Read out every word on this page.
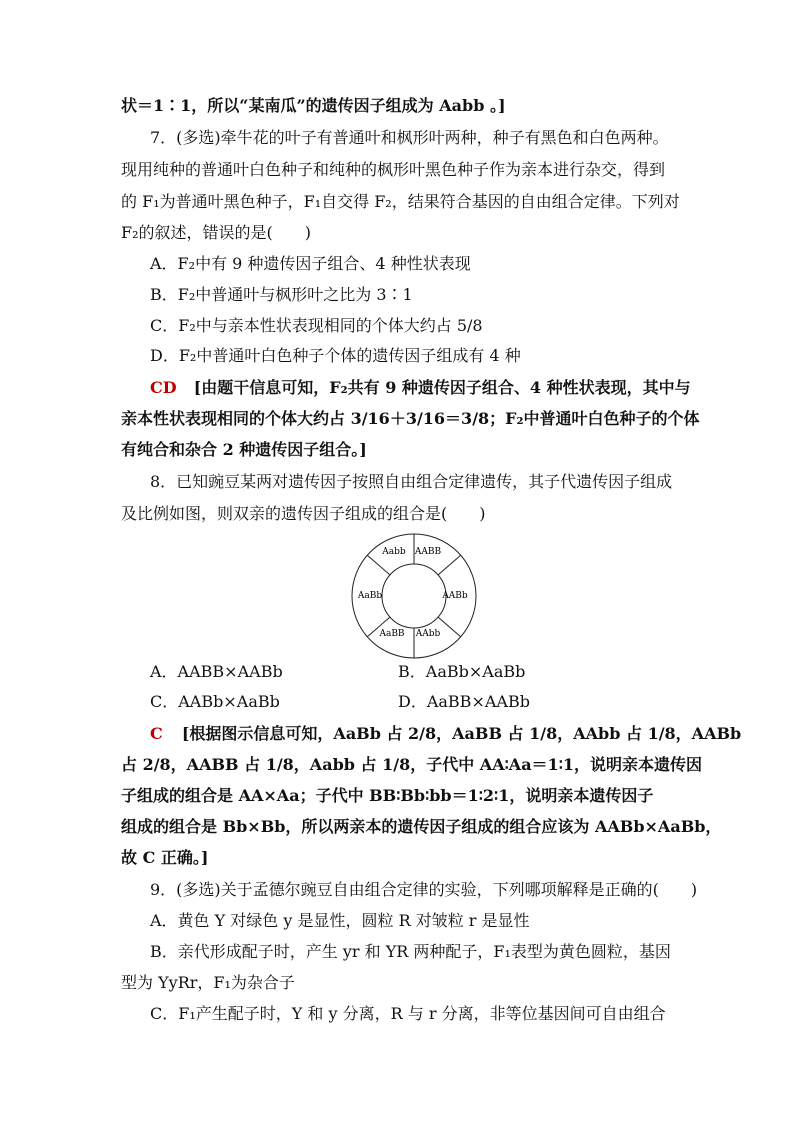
状＝1∶1，所以“某南瓜”的遗传因子组成为 Aabb 。]
7．(多选)牵牛花的叶子有普通叶和枫形叶两种，种子有黑色和白色两种。
现用纯种的普通叶白色种子和纯种的枫形叶黑色种子作为亲本进行杂交，得到
的 F₁为普通叶黑色种子，F₁自交得 F₂，结果符合基因的自由组合定律。下列对
F₂的叙述，错误的是(　　)
A．F₂中有 9 种遗传因子组合、4 种性状表现
B．F₂中普通叶与枫形叶之比为 3∶1
C．F₂中与亲本性状表现相同的个体大约占 5/8
D．F₂中普通叶白色种子个体的遗传因子组成有 4 种
CD [由题干信息可知，F₂共有 9 种遗传因子组合、4 种性状表现，其中与
亲本性状表现相同的个体大约占 3/16＋3/16＝3/8；F₂中普通叶白色种子的个体
有纯合和杂合 2 种遗传因子组合。]
8．已知豌豆某两对遗传因子按照自由组合定律遗传，其子代遗传因子组成
及比例如图，则双亲的遗传因子组成的组合是(　　)
Aabb AABB
AABb
AAbb
AaBB
AaBb
A．AABB×AABb	B．AaBb×AaBb
C．AABb×AaBb	D．AaBB×AABb
C [根据图示信息可知，AaBb 占 2/8，AaBB 占 1/8，AAbb 占 1/8，AABb
占 2/8，AABB 占 1/8，Aabb 占 1/8，子代中 AA∶Aa＝1∶1，说明亲本遗传因
子组成的组合是 AA×Aa；子代中 BB∶Bb∶bb＝1∶2∶1，说明亲本遗传因子
组成的组合是 Bb×Bb，所以两亲本的遗传因子组成的组合应该为 AABb×AaBb，
故 C 正确。]
9．(多选)关于孟德尔豌豆自由组合定律的实验，下列哪项解释是正确的(　　)
A．黄色 Y 对绿色 y 是显性，圆粒 R 对皱粒 r 是显性
B．亲代形成配子时，产生 yr 和 YR 两种配子，F₁表型为黄色圆粒，基因
型为 YyRr，F₁为杂合子
C．F₁产生配子时，Y 和 y 分离，R 与 r 分离，非等位基因间可自由组合
